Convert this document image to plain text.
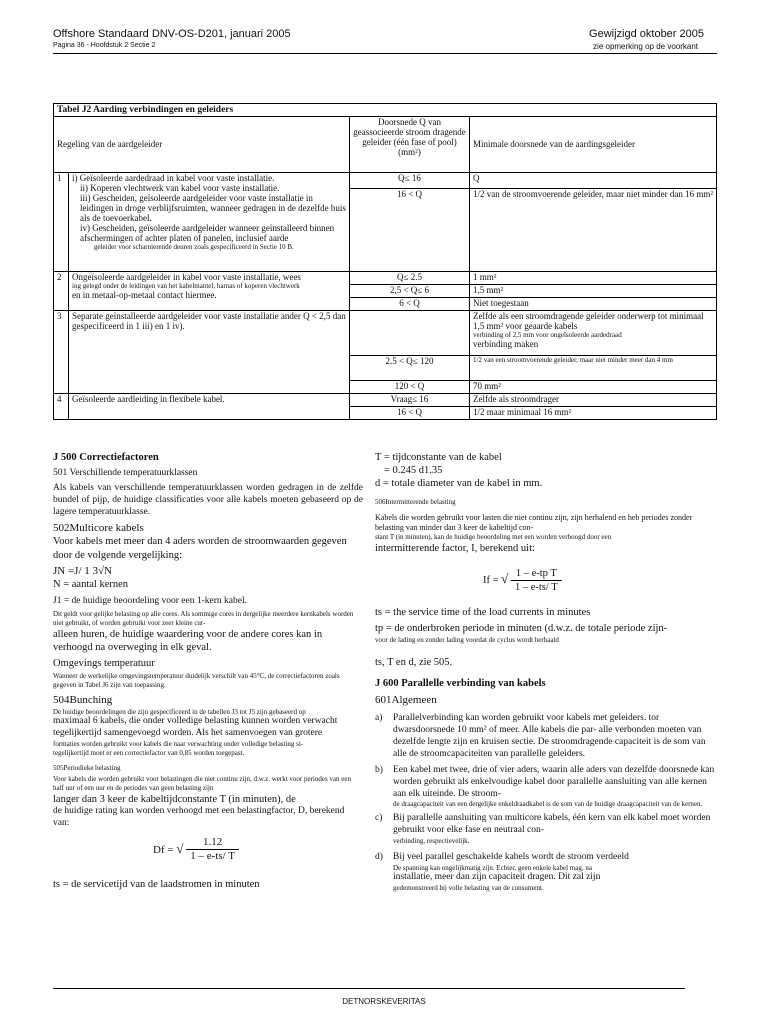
Offshore Standaard DNV-OS-D201, januari 2005
Pagina 36 - Hoofdstuk 2 Sectie 2
Gewijzigd oktober 2005
zie opmerking op de voorkant
Tabel J2 Aarding verbindingen en geleiders			
Regeling van de aardgeleider		Doorsnede Q van geassocieerde stroom dragende geleider (één fase of pool) (mm²)	Minimale doorsnede van de aardingsgeleider
1	i) Geïsoleerde aardedraad in kabel voor vaste installatie.
ii) Koperen vlechtwerk van kabel voor vaste installatie.
iii) Gescheiden, geïsoleerde aardgeleider voor vaste installatie in leidingen in droge verblijfsruimten, wanneer gedragen in de dezelfde buis als de toevoerkabel.
iv) Gescheiden, geïsoleerde aardgeleider wanneer geïnstalleerd binnen afschermingen of achter platen of panelen, inclusief aarde
geleider voor scharnierende deuren zoals gespecificeerd in Sectie 10 B.	Q≤ 16	Q
		16 < Q	1/2 van de stroomvoerende geleider, maar niet minder dan 16 mm²
2	Ongeïsoleerde aardgeleider in kabel voor vaste installatie, wees
ing gelegd onder de leidingen van het kabelmantel, harnas of koperen vlechtwerk
en in metaal-op-metaal contact hiermee.	Q≤ 2.5	1 mm²
		2,5 < Q≤ 6	1,5 mm²
		6 < Q	Niet toegestaan
3	Separate geïnstalleerde aardgeleider voor vaste installatie ander Q < 2,5 dan gespecificeerd in 1 iii) en 1 iv).		Zelfde als een stroomdragende geleider onderwerp tot minimaal 1,5 mm² voor geaarde kabels
verbinding of 2,5 mm voor ongeïsoleerde aardedraad
verbinding maken

		2.5 < Q≤ 120	1/2 van een stroomvoerende geleider, maar niet minder meer dan 4 mm
		120 < Q	70 mm²
4	Geïsoleerde aardleiding in flexibele kabel.	Vraag≤ 16	Zelfde als stroomdrager
		16 < Q	1/2 maar minimaal 16 mm²
J 500 Correctiefactoren
501 Verschillende temperatuurklassen
Als kabels van verschillende temperatuurklassen worden gedragen in de zelfde bundel of pijp, de huidige classificaties voor alle kabels moeten gebaseerd op de lagere temperatuurklasse.
502Multicore kabels
Voor kabels met meer dan 4 aders worden de stroomwaarden gegeven door de volgende vergelijking:
JN =J/ 1 3√N
N = aantal kernen
J1 = de huidige beoordeling voor een 1-kern kabel.
Dit geldt voor gelijke belasting op alle cores. Als sommige cores in dergelijke meerdere kernkabels worden niet gebruikt, of worden gebruikt voor zeer kleine cur-
alleen huren, de huidige waardering voor de andere cores kan in verhoogd na overweging in elk geval.
Omgevings temperatuur
Wanneer de werkelijke omgevingstemperatuur duidelijk verschilt van 45°C, de correctiefactoren zoals gegeven in Tabel J6 zijn van toepassing.
504Bunching
De huidige beoordelingen die zijn gespecificeerd in de tabellen J3 tot J5 zijn gebaseerd op
maximaal 6 kabels, die onder volledige belasting kunnen worden verwacht tegelijkertijd samengevoegd worden. Als het samenvoegen van grotere
formaties worden gebruikt voor kabels die naar verwachting onder volledige belasting si-
tegelijkertijd moet er een correctiefactor van 0,85 worden toegepast.
505Periodieke belasting
Voor kabels die worden gebruikt voor belastingen die niet continu zijn, d.w.z. werkt voor periodes van een half uur of een uur en de periodes van geen belasting zijn
langer dan 3 keer de kabeltijdconstante T (in minuten), de
de huidige rating kan worden verhoogd met een belastingfactor, D, berekend van:
Df = √ $\frac{1.12}{1 - e-ts/ T}$
ts = de servicetijd van de laadstromen in minuten
T = tijdconstante van de kabel
= 0.245 d1.35
d = totale diameter van de kabel in mm.
506Intermitterende belasting
Kabels die worden gebruikt voor lasten die niet continu zijn, zijn herhalend en heb periodes zonder belasting van minder dan 3 keer de kabeltijd con-
stant T (in minuten), kan de huidige beoordeling met een worden verhoogd door een
intermitterende factor, I, berekend uit:
If = √ $\frac{\text{1 – e-tp T}}{1 - e-ts/ T}$
ts = the service time of the load currents in minutes
tp = de onderbroken periode in minuten (d.w.z. de totale periode zijn-
voor de lading en zonder lading voordat de cyclus wordt herhaald
ts, T en d, zie 505.
J 600 Parallelle verbinding van kabels
601Algemeen
a)	Parallelverbinding kan worden gebruikt voor kabels met geleiders. tor dwarsdoorsnede 10 mm² of meer. Alle kabels die par- alle verbonden moeten van dezelfde lengte zijn en kruisen sectie. De stroomdragende capaciteit is de som van alle de stroomcapaciteiten van parallelle geleiders.
b)	Een kabel met twee, drie of vier aders, waarin alle aders van dezelfde doorsnede kan worden gebruikt als enkelvoudige kabel door parallelle aansluiting van alle kernen aan elk uiteinde. De stroom-
de draagcapaciteit van een dergelijke enkeldraadkabel is de som van de huidige draagcapaciteit van de kernen.
c)	Bij parallelle aansluiting van multicore kabels, één kern van elk kabel moet worden gebruikt voor elke fase en neutraal con-
verbinding, respectievelijk.
d)	Bij veel parallel geschakelde kabels wordt de stroom verdeeld
De spanning kan ongelijkmatig zijn. Echter, geen enkele kabel mag, na
installatie, meer dan zijn capaciteit dragen. Dit zal zijn
gedemonstreerd bij volle belasting van de consument.
DETNORSKEVERITAS
